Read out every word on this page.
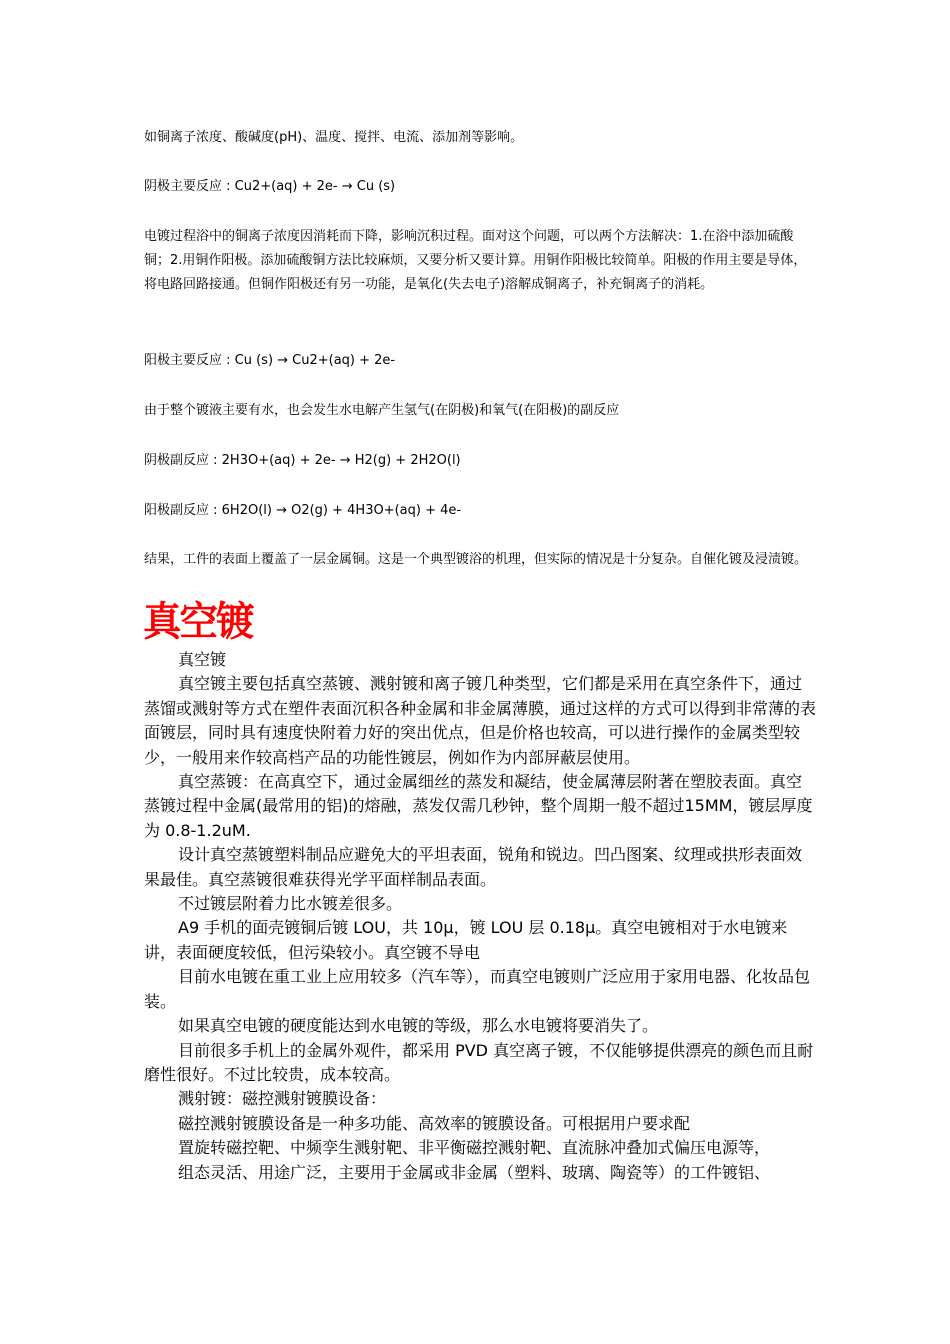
如铜离子浓度、酸碱度(pH)、温度、搅拌、电流、添加剂等影响。

阴极主要反应 : Cu2+(aq) + 2e- → Cu (s)

电镀过程浴中的铜离子浓度因消耗而下降，影响沉积过程。面对这个问题，可以两个方法解决：1.在浴中添加硫酸铜；2.用铜作阳极。添加硫酸铜方法比较麻烦，又要分析又要计算。用铜作阳极比较简单。阳极的作用主要是导体，将电路回路接通。但铜作阳极还有另一功能，是氧化(失去电子)溶解成铜离子，补充铜离子的消耗。

阳极主要反应 : Cu (s) → Cu2+(aq) + 2e-

由于整个镀液主要有水，也会发生水电解产生氢气(在阴极)和氧气(在阳极)的副反应

阴极副反应 : 2H3O+(aq) + 2e- → H2(g) + 2H2O(l)

阳极副反应 : 6H2O(l) → O2(g) + 4H3O+(aq) + 4e-

结果，工件的表面上覆盖了一层金属铜。这是一个典型镀浴的机理，但实际的情况是十分复杂。自催化镀及浸渍镀。

真空镀

真空镀

真空镀主要包括真空蒸镀、溅射镀和离子镀几种类型，它们都是采用在真空条件下，通过蒸馏或溅射等方式在塑件表面沉积各种金属和非金属薄膜，通过这样的方式可以得到非常薄的表面镀层，同时具有速度快附着力好的突出优点，但是价格也较高，可以进行操作的金属类型较少，一般用来作较高档产品的功能性镀层，例如作为内部屏蔽层使用。

真空蒸镀：在高真空下，通过金属细丝的蒸发和凝结，使金属薄层附著在塑胶表面。真空蒸镀过程中金属(最常用的铝)的熔融，蒸发仅需几秒钟，整个周期一般不超过15MM，镀层厚度为 0.8-1.2uM.

设计真空蒸镀塑料制品应避免大的平坦表面，锐角和锐边。凹凸图案、纹理或拱形表面效果最佳。真空蒸镀很难获得光学平面样制品表面。

不过镀层附着力比水镀差很多。

A9 手机的面壳镀铜后镀 LOU，共 10μ，镀 LOU 层 0.18μ。真空电镀相对于水电镀来讲，表面硬度较低，但污染较小。真空镀不导电

目前水电镀在重工业上应用较多（汽车等），而真空电镀则广泛应用于家用电器、化妆品包装。

如果真空电镀的硬度能达到水电镀的等级，那么水电镀将要消失了。

目前很多手机上的金属外观件，都采用 PVD 真空离子镀，不仅能够提供漂亮的颜色而且耐磨性很好。不过比较贵，成本较高。

溅射镀：磁控溅射镀膜设备：

磁控溅射镀膜设备是一种多功能、高效率的镀膜设备。可根据用户要求配

置旋转磁控靶、中频孪生溅射靶、非平衡磁控溅射靶、直流脉冲叠加式偏压电源等，

组态灵活、用途广泛，主要用于金属或非金属（塑料、玻璃、陶瓷等）的工件镀铝、
